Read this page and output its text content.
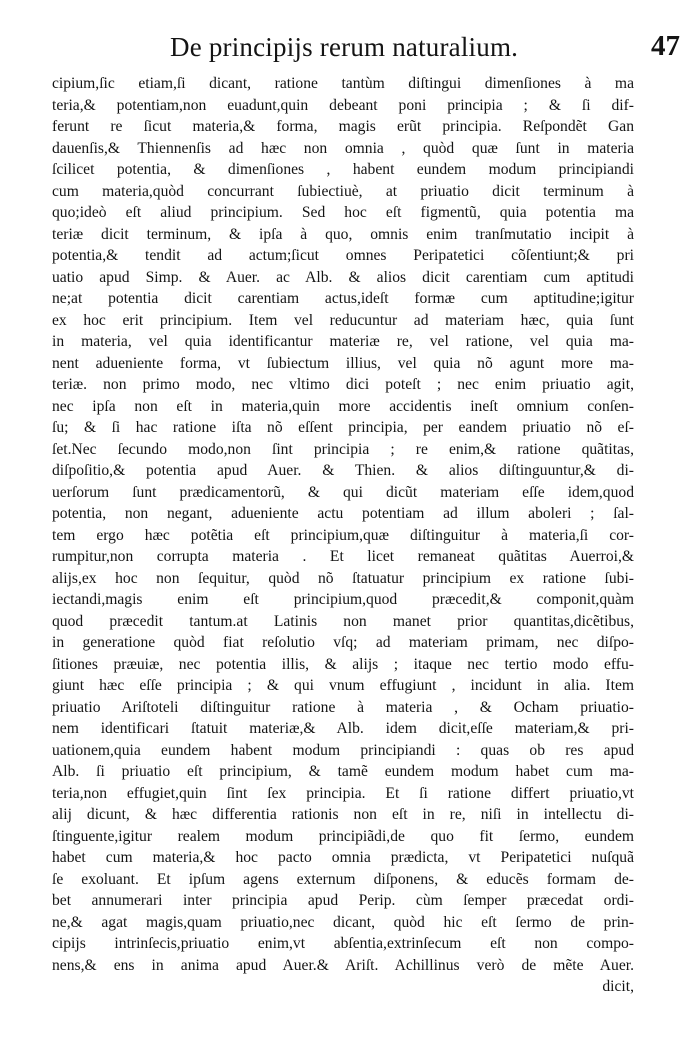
De principijs rerum naturalium.	47
cipium,ſic etiam,ſi dicant, ratione tantùm diſtingui dimenſiones à ma
teria,& potentiam,non euadunt,quin debeant poni principia ; & ſi dif-
ferunt re ſicut materia,& forma, magis erũt principia. Reſpondẽt Gan
dauenſis,& Thiennenſis ad hæc non omnia , quòd quæ ſunt in materia
ſcilicet potentia, & dimenſiones , habent eundem modum principiandi
cum materia,quòd concurrant ſubiectiuè, at priuatio dicit terminum à
quo;ideò eſt aliud principium. Sed hoc eſt figmentũ, quia potentia ma
teriæ dicit terminum, & ipſa à quo, omnis enim tranſmutatio incipit à
potentia,& tendit ad actum;ſicut omnes Peripatetici cõſentiunt;& pri
uatio apud Simp. & Auer. ac Alb. & alios dicit carentiam cum aptitudi
ne;at potentia dicit carentiam actus,ideſt formæ cum aptitudine;igitur
ex hoc erit principium. Item vel reducuntur ad materiam hæc, quia ſunt
in materia, vel quia identificantur materiæ re, vel ratione, vel quia ma-
nent adueniente forma, vt ſubiectum illius, vel quia nõ agunt more ma-
teriæ. non primo modo, nec vltimo dici poteſt ; nec enim priuatio agit,
nec ipſa non eſt in materia,quin more accidentis ineſt omnium conſen-
ſu; & ſi hac ratione iſta nõ eſſent principia, per eandem priuatio nõ eſ-
ſet.Nec ſecundo modo,non ſint principia ; re enim,& ratione quãtitas,
diſpoſitio,& potentia apud Auer. & Thien. & alios diſtinguuntur,& di-
uerſorum ſunt prædicamentorũ, & qui dicũt materiam eſſe idem,quod
potentia, non negant, adueniente actu potentiam ad illum aboleri ; ſal-
tem ergo hæc potẽtia eſt principium,quæ diſtinguitur à materia,ſi cor-
rumpitur,non corrupta materia . Et licet remaneat quãtitas Auerroi,&
alijs,ex hoc non ſequitur, quòd nõ ſtatuatur principium ex ratione ſubi-
iectandi,magis enim eſt principium,quod præcedit,& componit,quàm
quod præcedit tantum.at Latinis non manet prior quantitas,dicẽtibus,
in generatione quòd fiat reſolutio vſq; ad materiam primam, nec diſpo-
ſitiones præuiæ, nec potentia illis, & alijs ; itaque nec tertio modo effu-
giunt hæc eſſe principia ; & qui vnum effugiunt , incidunt in alia. Item
priuatio Ariſtoteli diſtinguitur ratione à materia , & Ocham priuatio-
nem identificari ſtatuit materiæ,& Alb. idem dicit,eſſe materiam,& pri-
uationem,quia eundem habent modum principiandi : quas ob res apud
Alb. ſi priuatio eſt principium, & tamẽ eundem modum habet cum ma-
teria,non effugiet,quin ſint ſex principia. Et ſi ratione differt priuatio,vt
alij dicunt, & hæc differentia rationis non eſt in re, niſi in intellectu di-
ſtinguente,igitur realem modum principiãdi,de quo fit ſermo, eundem
habet cum materia,& hoc pacto omnia prædicta, vt Peripatetici nuſquã
ſe exoluant. Et ipſum agens externum diſponens, & educẽs formam de-
bet annumerari inter principia apud Perip. cùm ſemper præcedat ordi-
ne,& agat magis,quam priuatio,nec dicant, quòd hic eſt ſermo de prin-
cipijs intrinſecis,priuatio enim,vt abſentia,extrinſecum eſt non compo-
nens,& ens in anima apud Auer.& Ariſt. Achillinus verò de mẽte Auer.
dicit,
